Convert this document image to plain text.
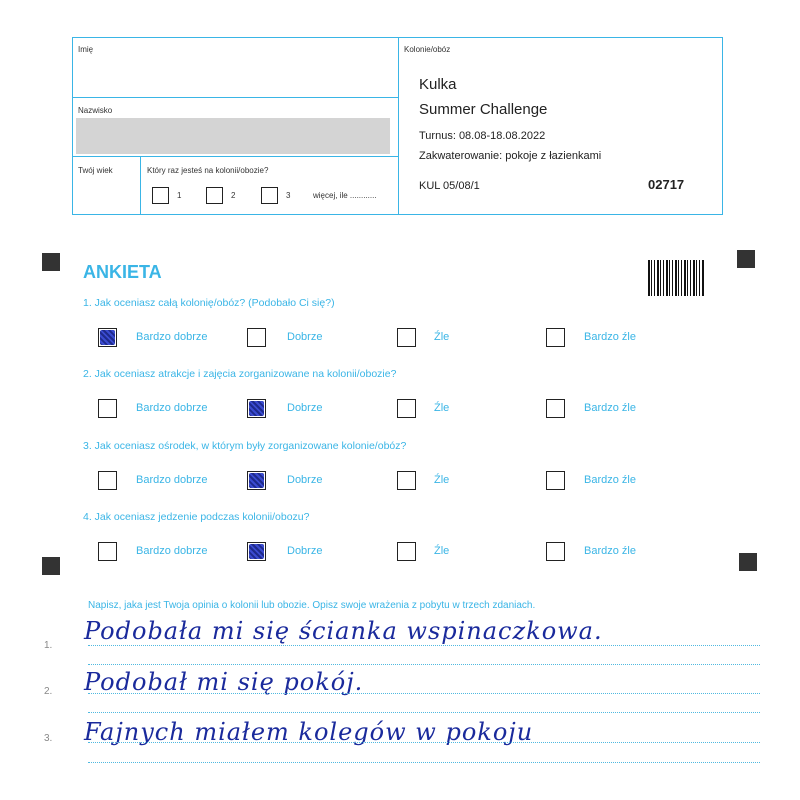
Imię
Nazwisko
Twój wiek	Który raz jesteś na kolonii/obozie?
1	2	3	więcej, ile ............
Kolonie/obóz
Kulka
Summer Challenge
Turnus: 08.08-18.08.2022
Zakwaterowanie: pokoje z łazienkami
KUL 05/08/1	02717
ANKIETA
1. Jak oceniasz całą kolonię/obóz? (Podobało Ci się?)
Bardzo dobrze	Dobrze	Źle	Bardzo źle
2. Jak oceniasz atrakcje i zajęcia zorganizowane na kolonii/obozie?
Bardzo dobrze	Dobrze	Źle	Bardzo źle
3. Jak oceniasz ośrodek, w którym były zorganizowane kolonie/obóz?
Bardzo dobrze	Dobrze	Źle	Bardzo źle
4. Jak oceniasz jedzenie podczas kolonii/obozu?
Bardzo dobrze	Dobrze	Źle	Bardzo źle
Napisz, jaka jest Twoja opinia o kolonii lub obozie. Opisz swoje wrażenia z pobytu w trzech zdaniach.
1.
Podobała mi się ścianka wspinaczkowa.
2. Podobał mi się pokój.
3. Fajnych miałem kolegów w pokoju
